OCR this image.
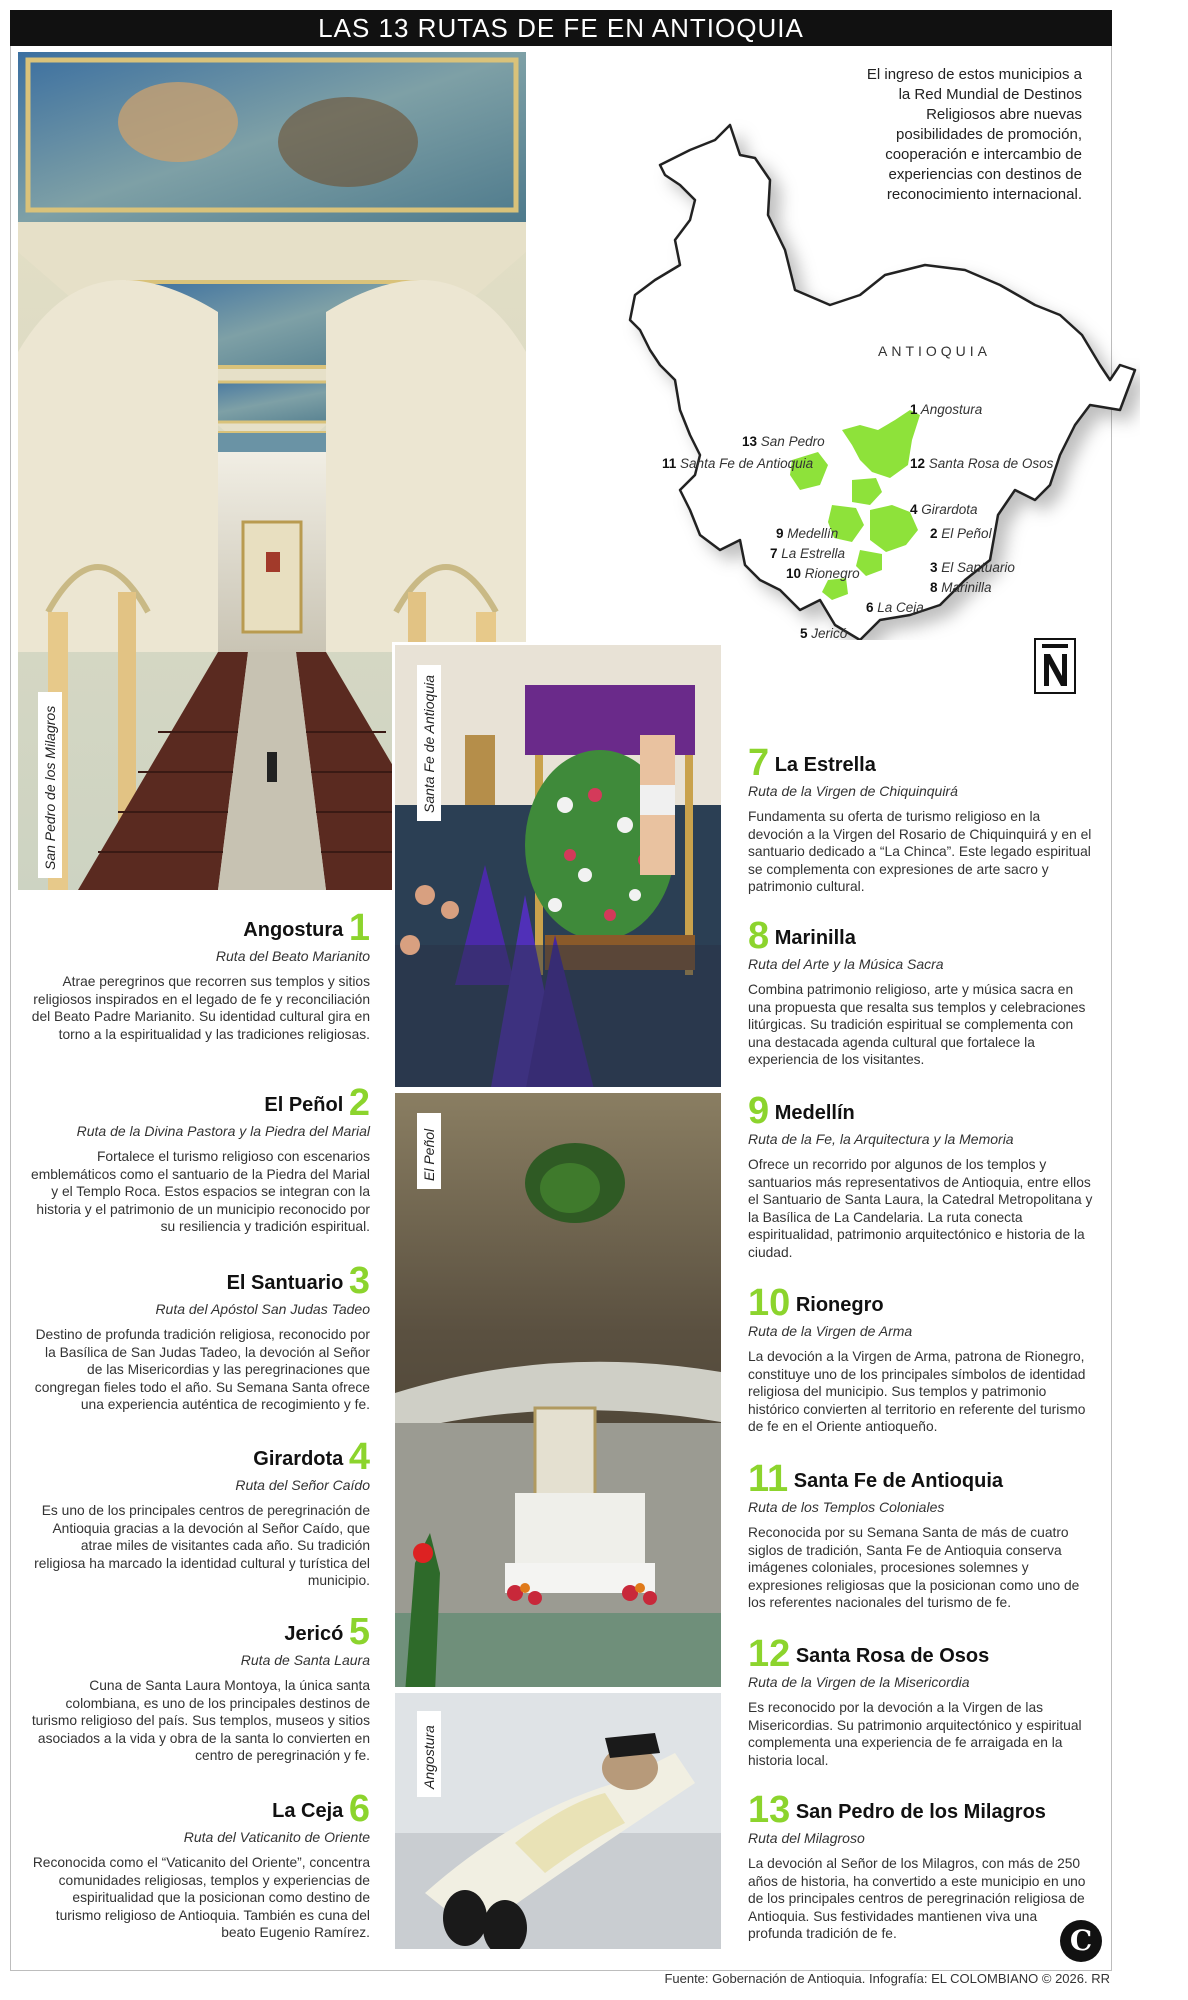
LAS 13 RUTAS DE FE EN ANTIOQUIA
San Pedro de los Milagros	Santa Fe de Antioquia
El Peñol
Angostura
El ingreso de estos municipios a la Red Mundial de Destinos Religiosos abre nuevas posibilidades de promoción, cooperación e intercambio de experiencias con destinos de reconocimiento internacional.
ANTIOQUIA
1 Angostura
13 San Pedro
11 Santa Fe de Antioquia	12 Santa Rosa de Osos
4 Girardota
9 Medellín	2 El Peñol
7 La Estrella
3 El Santuario
10 Rionegro
8 Marinilla
6 La Ceja
5 Jericó
Angostura 1
Ruta del Beato Marianito
Atrae peregrinos que recorren sus templos y sitios religiosos inspirados en el legado de fe y reconciliación del Beato Padre Marianito. Su identidad cultural gira en torno a la espiritualidad y las tradiciones religiosas.
El Peñol 2
Ruta de la Divina Pastora y la Piedra del Marial
Fortalece el turismo religioso con escenarios emblemáticos como el santuario de la Piedra del Marial y el Templo Roca. Estos espacios se integran con la historia y el patrimonio de un municipio reconocido por su resiliencia y tradición espiritual.
El Santuario 3
Ruta del Apóstol San Judas Tadeo
Destino de profunda tradición religiosa, reconocido por la Basílica de San Judas Tadeo, la devoción al Señor de las Misericordias y las peregrinaciones que congregan fieles todo el año. Su Semana Santa ofrece una experiencia auténtica de recogimiento y fe.
Girardota 4
Ruta del Señor Caído
Es uno de los principales centros de peregrinación de Antioquia gracias a la devoción al Señor Caído, que atrae miles de visitantes cada año. Su tradición religiosa ha marcado la identidad cultural y turística del municipio.
Jericó 5
Ruta de Santa Laura
Cuna de Santa Laura Montoya, la única santa colombiana, es uno de los principales destinos de turismo religioso del país. Sus templos, museos y sitios asociados a la vida y obra de la santa lo convierten en centro de peregrinación y fe.
La Ceja 6
Ruta del Vaticanito de Oriente
Reconocida como el “Vaticanito del Oriente”, concentra comunidades religiosas, templos y experiencias de espiritualidad que la posicionan como destino de turismo religioso de Antioquia. También es cuna del beato Eugenio Ramírez.
7 La Estrella
Ruta de la Virgen de Chiquinquirá
Fundamenta su oferta de turismo religioso en la devoción a la Virgen del Rosario de Chiquinquirá y en el santuario dedicado a “La Chinca”. Este legado espiritual se complementa con expresiones de arte sacro y patrimonio cultural.
8 Marinilla
Ruta del Arte y la Música Sacra
Combina patrimonio religioso, arte y música sacra en una propuesta que resalta sus templos y celebraciones litúrgicas. Su tradición espiritual se complementa con una destacada agenda cultural que fortalece la experiencia de los visitantes.
9 Medellín
Ruta de la Fe, la Arquitectura y la Memoria
Ofrece un recorrido por algunos de los templos y santuarios más representativos de Antioquia, entre ellos el Santuario de Santa Laura, la Catedral Metropolitana y la Basílica de La Candelaria. La ruta conecta espiritualidad, patrimonio arquitectónico e historia de la ciudad.
10 Rionegro
Ruta de la Virgen de Arma
La devoción a la Virgen de Arma, patrona de Rionegro, constituye uno de los principales símbolos de identidad religiosa del municipio. Sus templos y patrimonio histórico convierten al territorio en referente del turismo de fe en el Oriente antioqueño.
11 Santa Fe de Antioquia
Ruta de los Templos Coloniales
Reconocida por su Semana Santa de más de cuatro siglos de tradición, Santa Fe de Antioquia conserva imágenes coloniales, procesiones solemnes y expresiones religiosas que la posicionan como uno de los referentes nacionales del turismo de fe.
12 Santa Rosa de Osos
Ruta de la Virgen de la Misericordia
Es reconocido por la devoción a la Virgen de las Misericordias. Su patrimonio arquitectónico y espiritual complementa una experiencia de fe arraigada en la historia local.
13 San Pedro de los Milagros
Ruta del Milagroso
La devoción al Señor de los Milagros, con más de 250 años de historia, ha convertido a este municipio en uno de los principales centros de peregrinación religiosa de Antioquia. Sus festividades mantienen viva una profunda tradición de fe.	C
Fuente: Gobernación de Antioquia. Infografía: EL COLOMBIANO © 2026. RR
